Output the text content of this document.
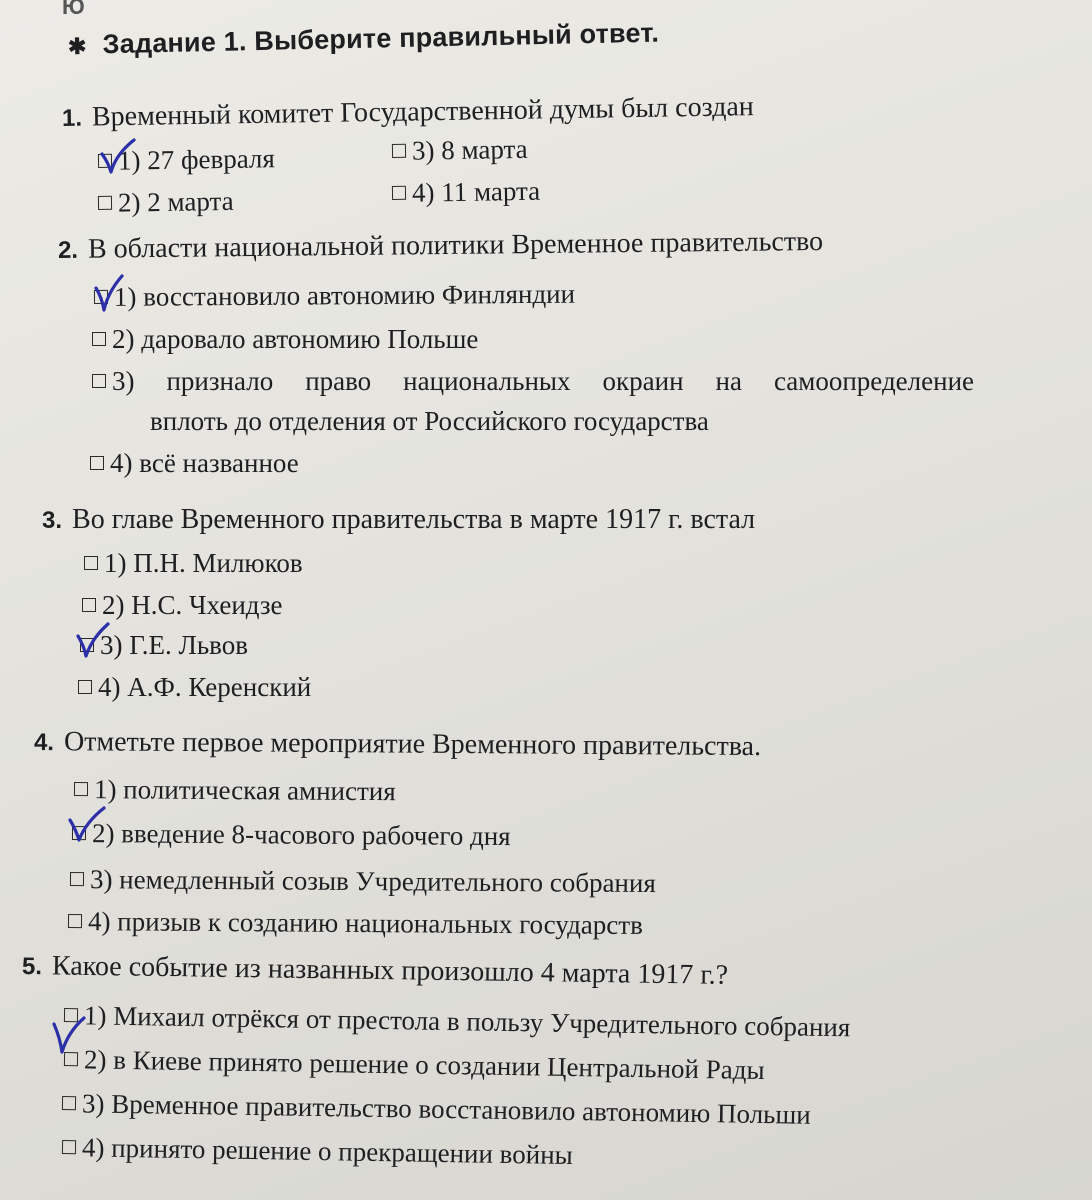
Ю
✱ Задание 1. Выберите правильный ответ.
1. Временный комитет Государственной думы был создан
1) 27 февраля
2) 2 марта
3) 8 марта
4) 11 марта
2. В области национальной политики Временное правительство
1) восстановило автономию Финляндии
2) даровало автономию Польше
3) признало право национальных окраин на самоопределение
вплоть до отделения от Российского государства
4) всё названное
3. Во главе Временного правительства в марте 1917 г. встал
1) П.Н. Милюков
2) Н.С. Чхеидзе
3) Г.Е. Львов
4) А.Ф. Керенский
4. Отметьте первое мероприятие Временного правительства.
1) политическая амнистия
2) введение 8-часового рабочего дня
3) немедленный созыв Учредительного собрания
4) призыв к созданию национальных государств
5. Какое событие из названных произошло 4 марта 1917 г.?
1) Михаил отрёкся от престола в пользу Учредительного собрания
2) в Киеве принято решение о создании Центральной Рады
3) Временное правительство восстановило автономию Польши
4) принято решение о прекращении войны
